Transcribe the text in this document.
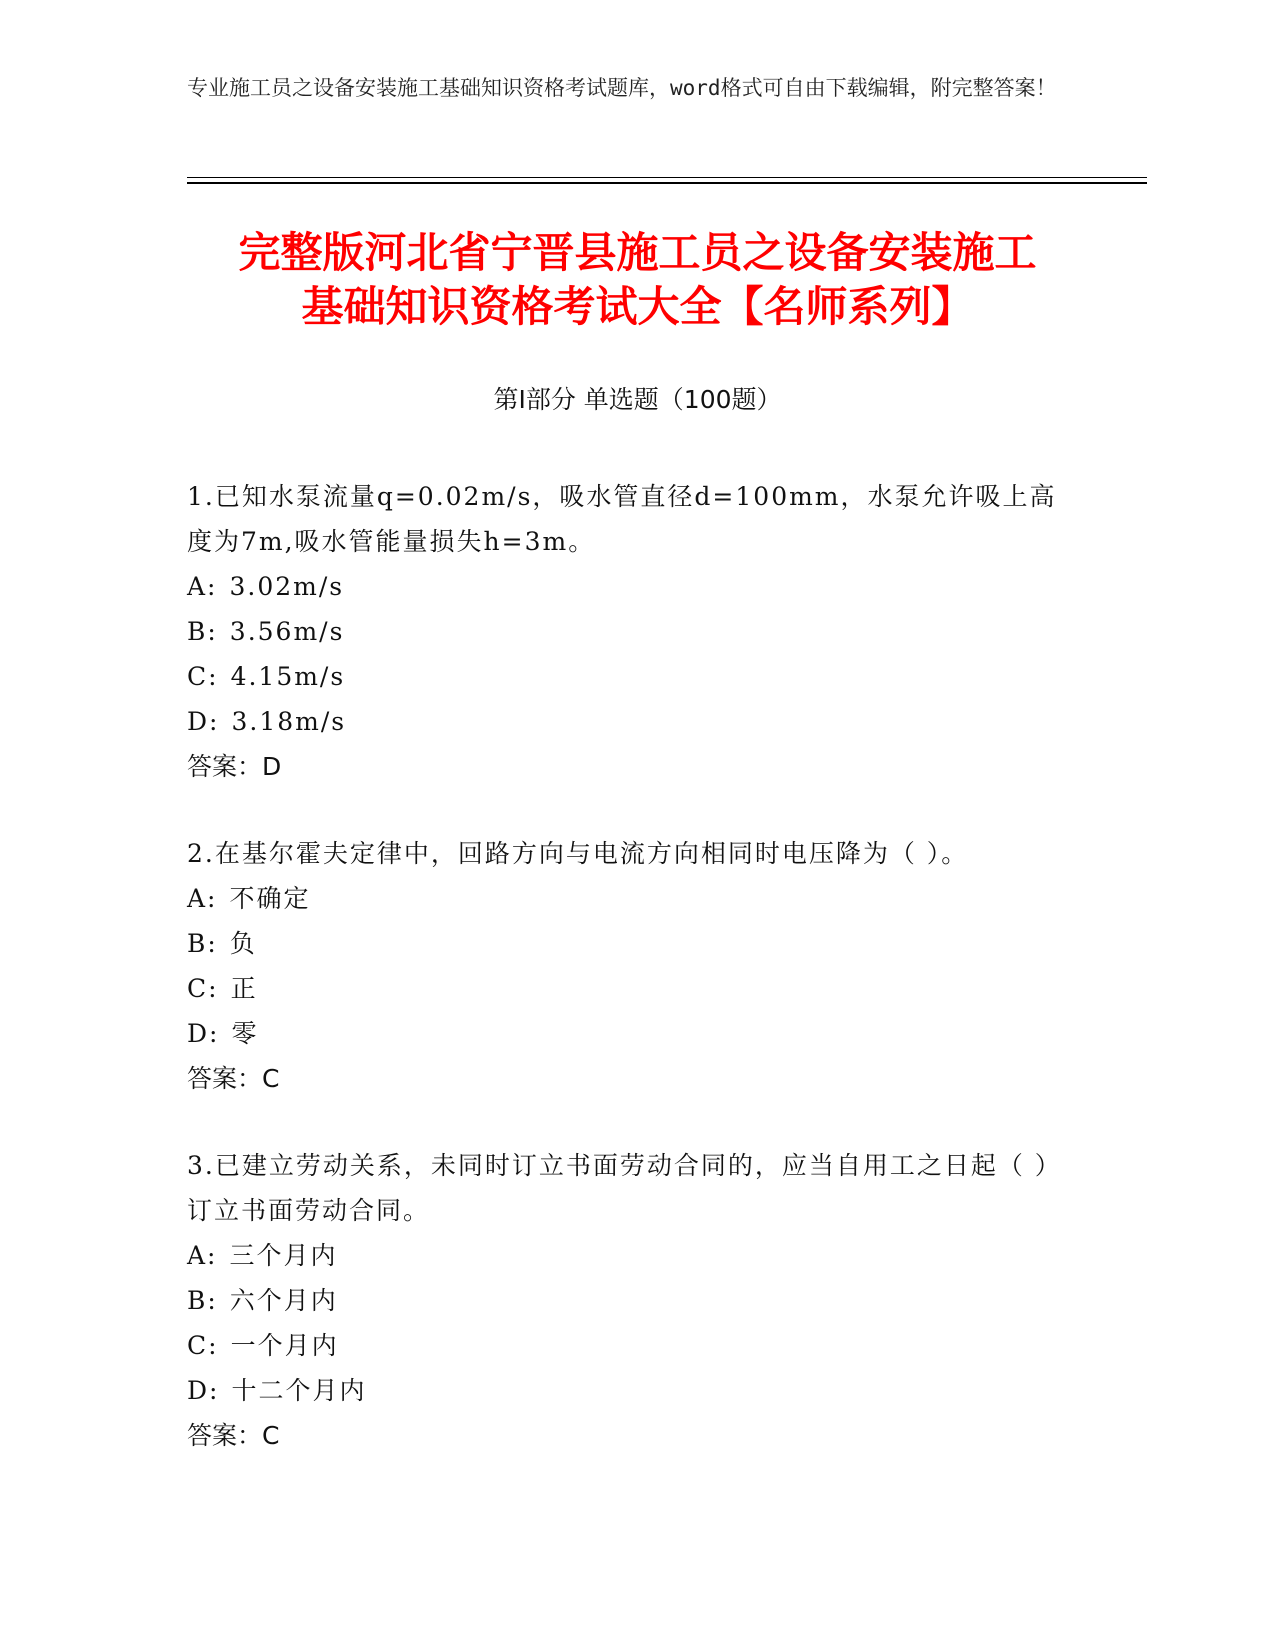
专业施工员之设备安装施工基础知识资格考试题库，word格式可自由下载编辑，附完整答案！
完整版河北省宁晋县施工员之设备安装施工
基础知识资格考试大全【名师系列】
第Ⅰ部分 单选题（100题）
1.已知水泵流量q=0.02m/s，吸水管直径d=100mm，水泵允许吸上高度为7m,吸水管能量损失h=3m。
A: 3.02m/s
B: 3.56m/s
C: 4.15m/s
D: 3.18m/s
答案：D
2.在基尔霍夫定律中，回路方向与电流方向相同时电压降为（ ）。
A: 不确定
B: 负
C: 正
D: 零
答案：C
3.已建立劳动关系，未同时订立书面劳动合同的，应当自用工之日起（ ）订立书面劳动合同。
A: 三个月内
B: 六个月内
C: 一个月内
D: 十二个月内
答案：C
